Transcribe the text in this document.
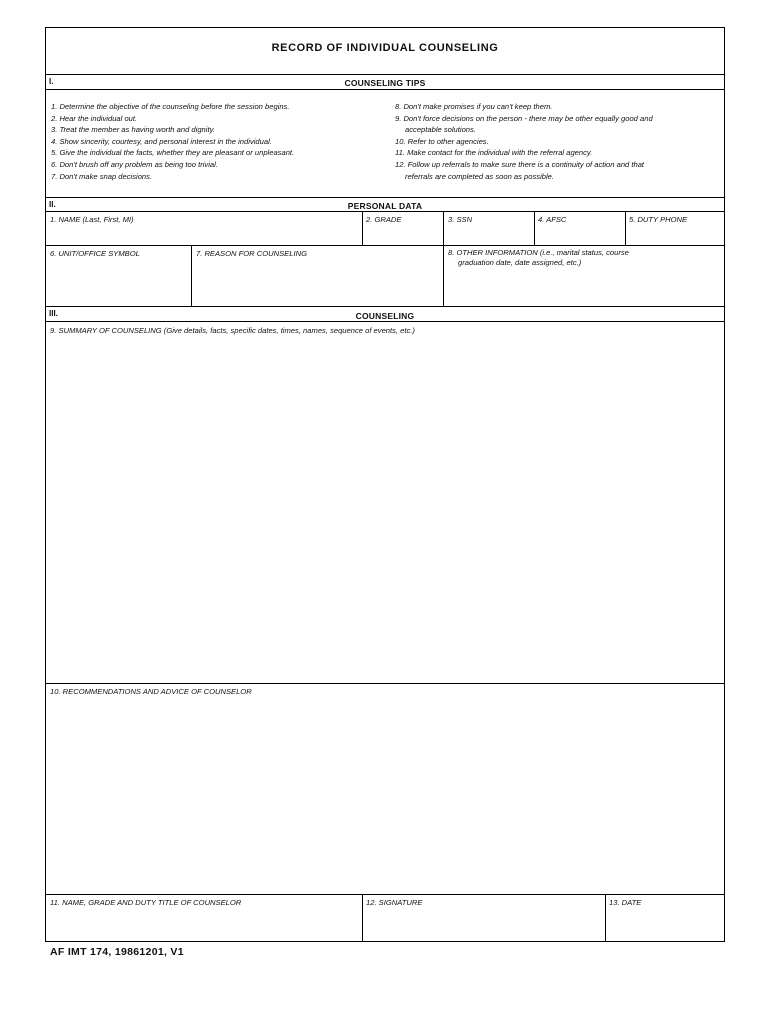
RECORD OF INDIVIDUAL COUNSELING
I.	COUNSELING TIPS
1. Determine the objective of the counseling before the session begins.
2. Hear the individual out.
3. Treat the member as having worth and dignity.
4. Show sincerity, courtesy, and personal interest in the individual.
5. Give the individual the facts, whether they are pleasant or unpleasant.
6. Don't brush off any problem as being too trivial.
7. Don't make snap decisions.
8. Don't make promises if you can't keep them.
9. Don't force decisions on the person - there may be other equally good and
acceptable solutions.
10. Refer to other agencies.
11. Make contact for the individual with the referral agency.
12. Follow up referrals to make sure there is a continuity of action and that
referrals are completed as soon as possible.
II.	PERSONAL DATA
1. NAME (Last, First, MI)	2. GRADE	3. SSN	4. AFSC	5. DUTY PHONE
6. UNIT/OFFICE SYMBOL	7. REASON FOR COUNSELING	8. OTHER INFORMATION (i.e., marital status, course
graduation date, date assigned, etc.)
III.	COUNSELING
9. SUMMARY OF COUNSELING (Give details, facts, specific dates, times, names, sequence of events, etc.)
10. RECOMMENDATIONS AND ADVICE OF COUNSELOR
11. NAME, GRADE AND DUTY TITLE OF COUNSELOR	12. SIGNATURE	13. DATE
AF IMT 174, 19861201, V1
